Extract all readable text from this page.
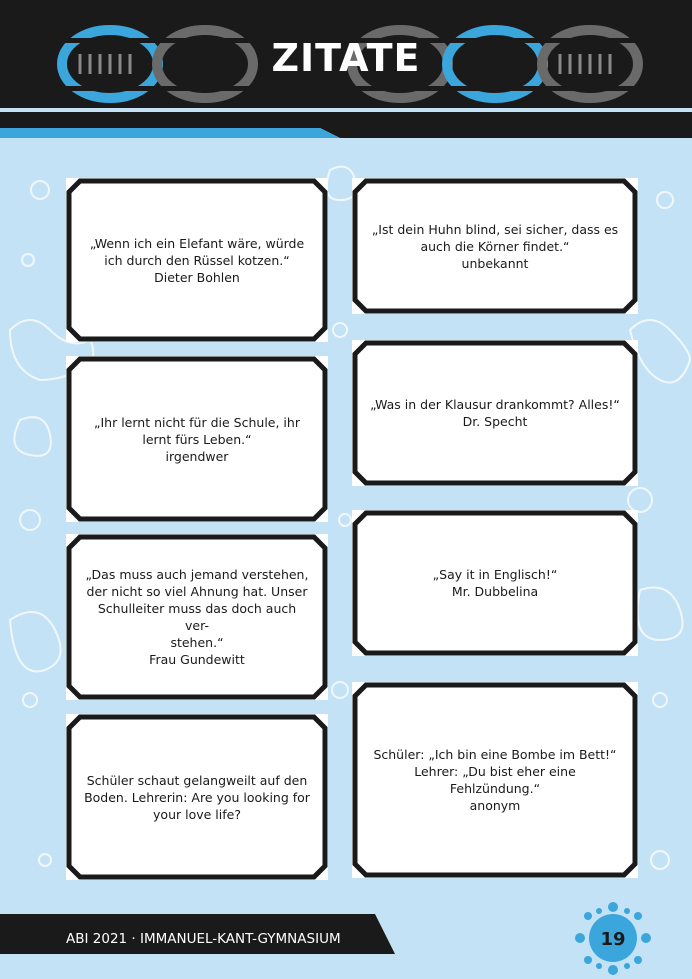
ZITATE
„Wenn ich ein Elefant wäre, würde
ich durch den Rüssel kotzen.“
Dieter Bohlen
„Ist dein Huhn blind, sei sicher, dass es
auch die Körner findet.“
unbekannt
„Ihr lernt nicht für die Schule, ihr
lernt fürs Leben.“
irgendwer
„Was in der Klausur drankommt? Alles!“
Dr. Specht
„Das muss auch jemand verstehen,
der nicht so viel Ahnung hat. Unser
Schulleiter muss das doch auch ver-
stehen.“
Frau Gundewitt
„Say it in Englisch!“
Mr. Dubbelina
Schüler schaut gelangweilt auf den
Boden. Lehrerin: Are you looking for
your love life?
Schüler: „Ich bin eine Bombe im Bett!“
Lehrer: „Du bist eher eine Fehlzündung.“
anonym
ABI 2021 · IMMANUEL-KANT-GYMNASIUM	19
